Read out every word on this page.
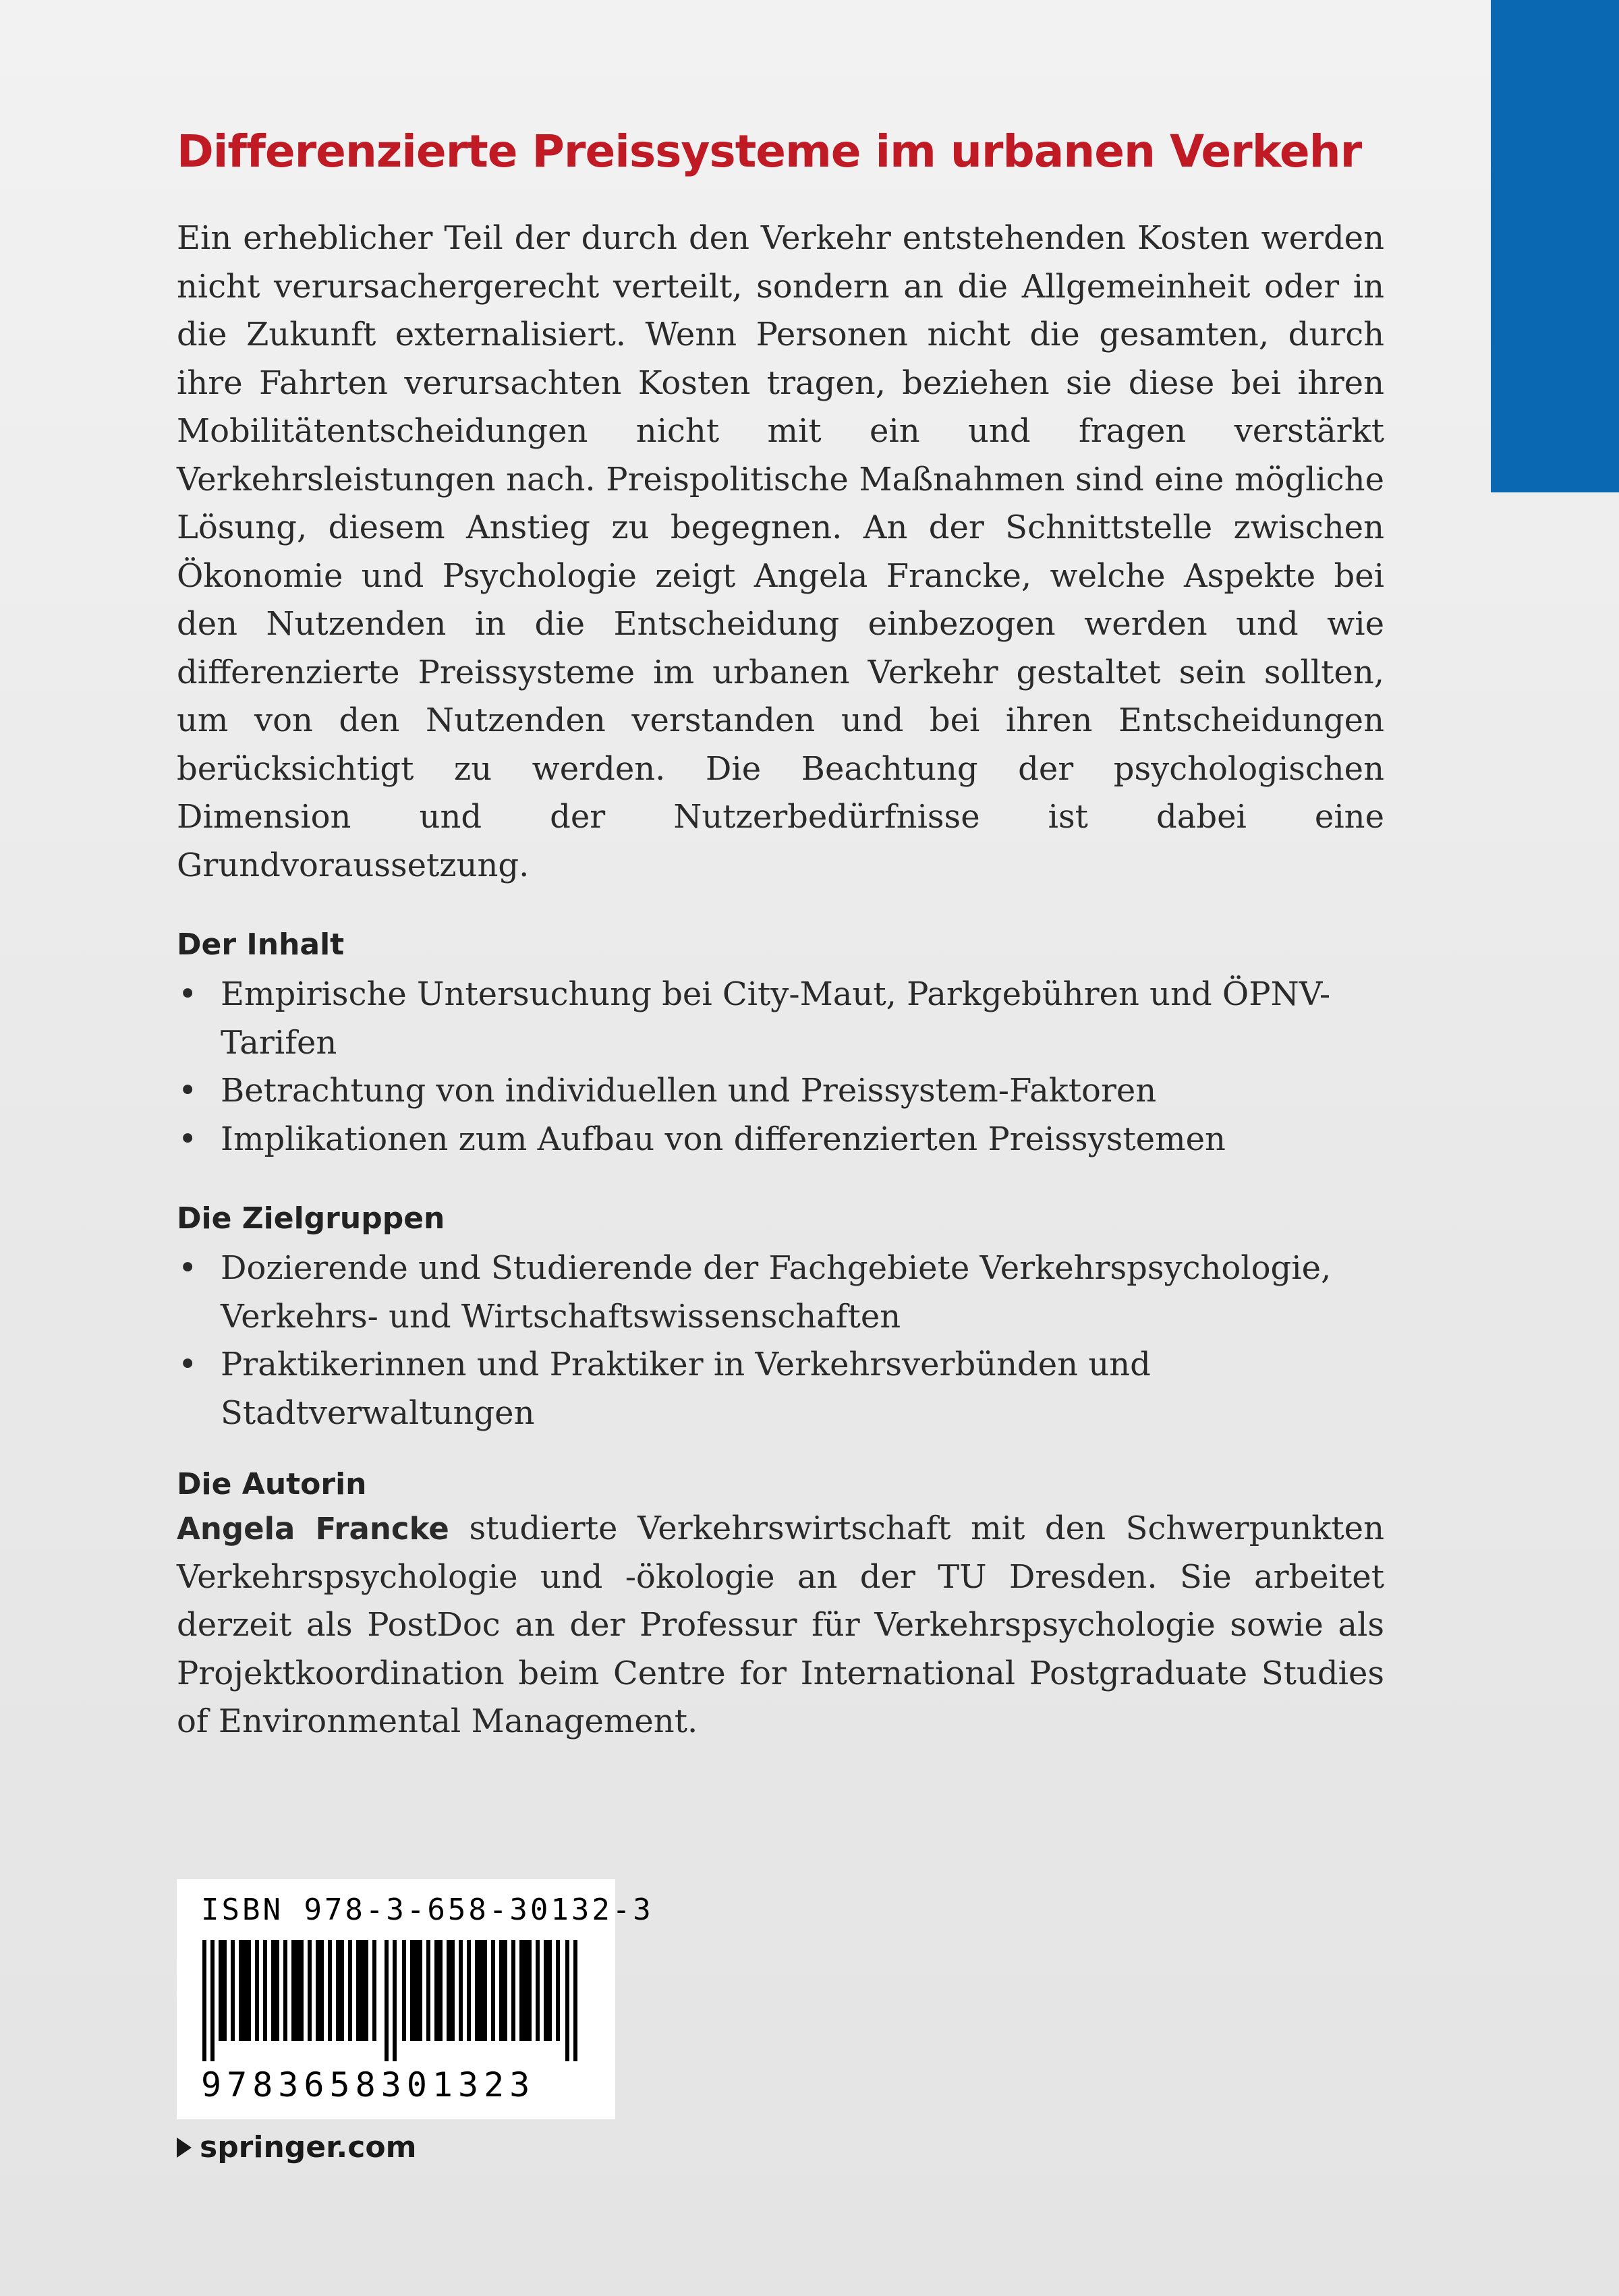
Differenzierte Preissysteme im urbanen Verkehr

Ein erheblicher Teil der durch den Verkehr entstehenden Kosten werden nicht verursachergerecht verteilt, sondern an die Allgemeinheit oder in die Zukunft externalisiert. Wenn Personen nicht die gesamten, durch ihre Fahrten verursachten Kosten tragen, beziehen sie diese bei ihren Mobilitätentscheidungen nicht mit ein und fragen verstärkt Verkehrsleistungen nach. Preispolitische Maßnahmen sind eine mögliche Lösung, diesem Anstieg zu begegnen. An der Schnittstelle zwischen Ökonomie und Psychologie zeigt Angela Francke, welche Aspekte bei den Nutzenden in die Entscheidung einbezogen werden und wie differenzierte Preissysteme im urbanen Verkehr gestaltet sein sollten, um von den Nutzenden verstanden und bei ihren Entscheidungen berücksichtigt zu werden. Die Beachtung der psychologischen Dimension und der Nutzerbedürfnisse ist dabei eine Grundvoraussetzung.

Der Inhalt
• Empirische Untersuchung bei City-Maut, Parkgebühren und ÖPNV-Tarifen
• Betrachtung von individuellen und Preissystem-Faktoren
• Implikationen zum Aufbau von differenzierten Preissystemen
Die Zielgruppen
• Dozierende und Studierende der Fachgebiete Verkehrspsychologie, Verkehrs- und Wirtschaftswissenschaften
• Praktikerinnen und Praktiker in Verkehrsverbünden und Stadtverwaltungen
Die Autorin

Angela Francke studierte Verkehrswirtschaft mit den Schwerpunkten Verkehrspsychologie und -ökologie an der TU Dresden. Sie arbeitet derzeit als PostDoc an der Professur für Verkehrspsychologie sowie als Projektkoordination beim Centre for International Postgraduate Studies of Environmental Management.

ISBN 978-3-658-30132-3
9783658301323
springer.com
